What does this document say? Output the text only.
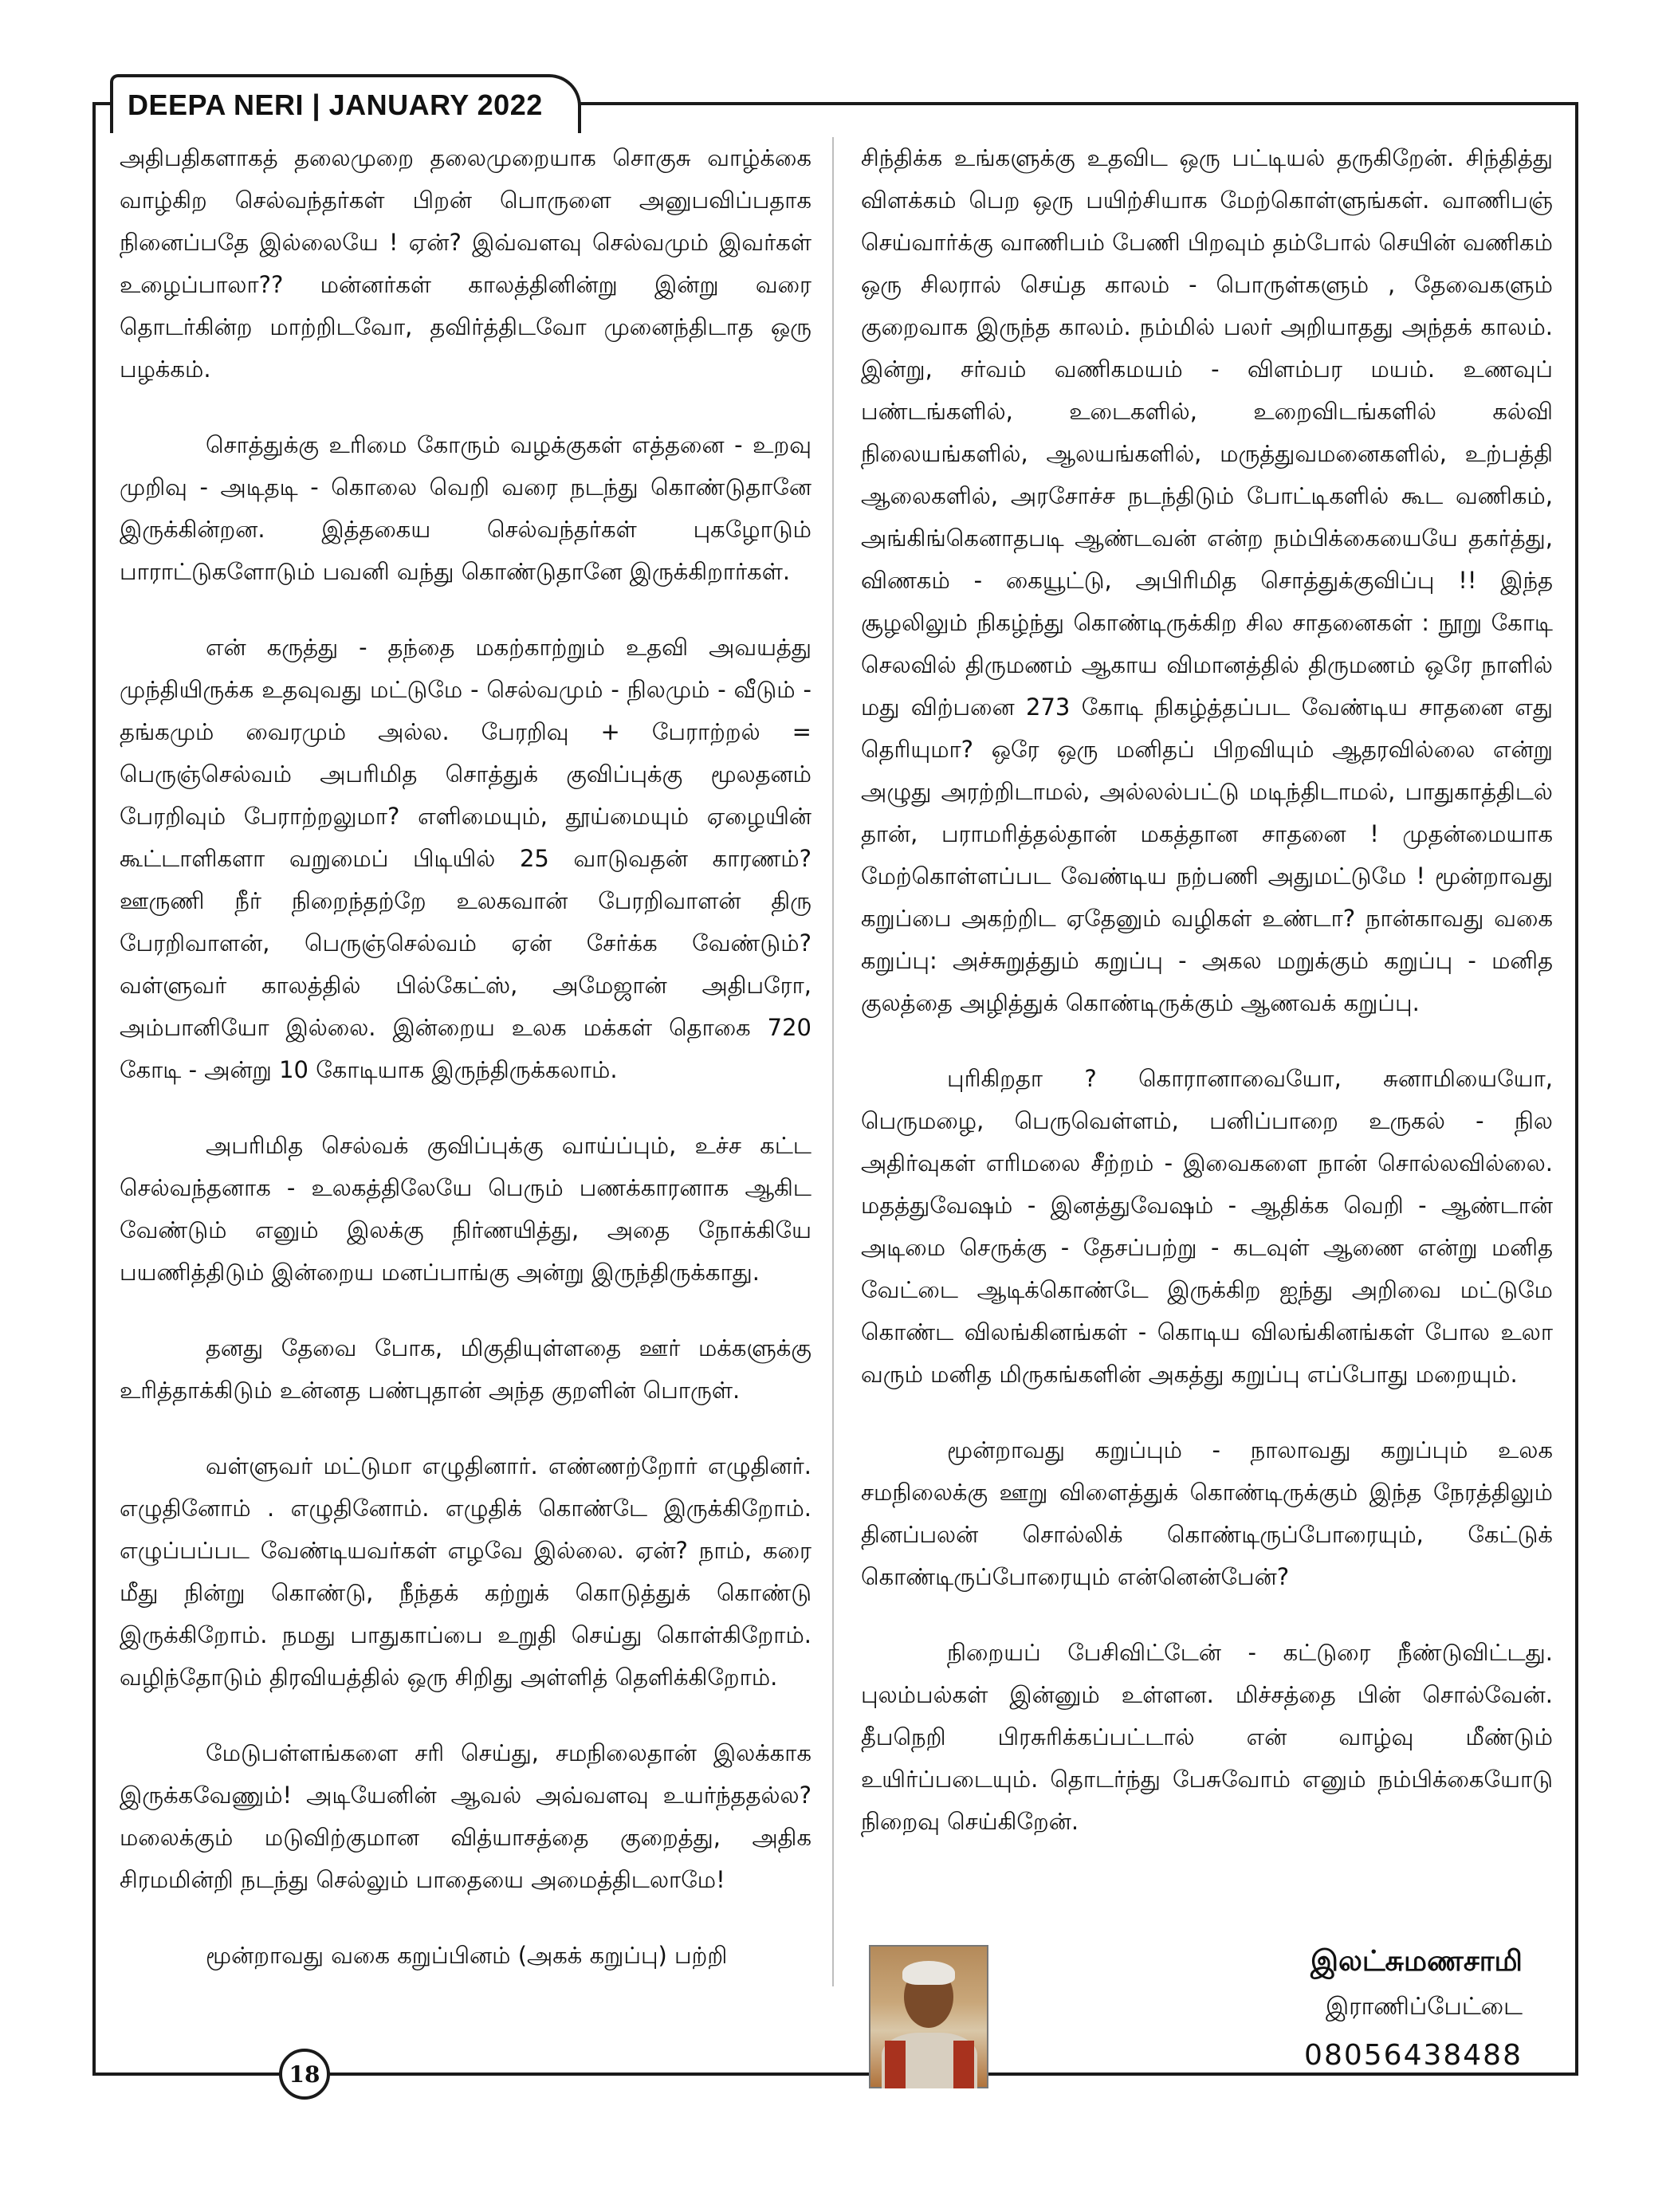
DEEPA NERI | JANUARY 2022

அதிபதிகளாகத் தலைமுறை தலைமுறையாக சொகுசு வாழ்க்கை வாழ்கிற செல்வந்தர்கள் பிறன் பொருளை அனுபவிப்பதாக நினைப்பதே இல்லையே ! ஏன்? இவ்வளவு செல்வமும் இவர்கள் உழைப்பாலா?? மன்னர்கள் காலத்தினின்று இன்று வரை தொடர்கின்ற மாற்றிடவோ, தவிர்த்திடவோ முனைந்திடாத ஒரு பழக்கம்.

சொத்துக்கு உரிமை கோரும் வழக்குகள் எத்தனை - உறவு முறிவு - அடிதடி - கொலை வெறி வரை நடந்து கொண்டுதானே இருக்கின்றன. இத்தகைய செல்வந்தர்கள் புகழோடும் பாராட்டுகளோடும் பவனி வந்து கொண்டுதானே இருக்கிறார்கள்.

என் கருத்து - தந்தை மகற்காற்றும் உதவி அவயத்து முந்தியிருக்க உதவுவது மட்டுமே - செல்வமும் - நிலமும் - வீடும் - தங்கமும் வைரமும் அல்ல. பேரறிவு + பேராற்றல் = பெருஞ்செல்வம் அபரிமித சொத்துக் குவிப்புக்கு மூலதனம் பேரறிவும் பேராற்றலுமா? எளிமையும், தூய்மையும் ஏழையின் கூட்டாளிகளா வறுமைப் பிடியில் 25 வாடுவதன் காரணம்? ஊருணி நீர் நிறைந்தற்றே உலகவான் பேரறிவாளன் திரு பேரறிவாளன், பெருஞ்செல்வம் ஏன் சேர்க்க வேண்டும்? வள்ளுவர் காலத்தில் பில்கேட்ஸ், அமேஜான் அதிபரோ, அம்பானியோ இல்லை. இன்றைய உலக மக்கள் தொகை 720 கோடி - அன்று 10 கோடியாக இருந்திருக்கலாம்.

அபரிமித செல்வக் குவிப்புக்கு வாய்ப்பும், உச்ச கட்ட செல்வந்தனாக - உலகத்திலேயே பெரும் பணக்காரனாக ஆகிட வேண்டும் எனும் இலக்கு நிர்ணயித்து, அதை நோக்கியே பயணித்திடும் இன்றைய மனப்பாங்கு அன்று இருந்திருக்காது.

தனது தேவை போக, மிகுதியுள்ளதை ஊர் மக்களுக்கு உரித்தாக்கிடும் உன்னத பண்புதான் அந்த குறளின் பொருள்.

வள்ளுவர் மட்டுமா எழுதினார். எண்ணற்றோர் எழுதினர். எழுதினோம் . எழுதினோம். எழுதிக் கொண்டே இருக்கிறோம். எழுப்பப்பட வேண்டியவர்கள் எழவே இல்லை. ஏன்? நாம், கரை மீது நின்று கொண்டு, நீந்தக் கற்றுக் கொடுத்துக் கொண்டு இருக்கிறோம். நமது பாதுகாப்பை உறுதி செய்து கொள்கிறோம். வழிந்தோடும் திரவியத்தில் ஒரு சிறிது அள்ளித் தெளிக்கிறோம்.

மேடுபள்ளங்களை சரி செய்து, சமநிலைதான் இலக்காக இருக்கவேணும்! அடியேனின் ஆவல் அவ்வளவு உயர்ந்ததல்ல? மலைக்கும் மடுவிற்குமான வித்யாசத்தை குறைத்து, அதிக சிரமமின்றி நடந்து செல்லும் பாதையை அமைத்திடலாமே!

மூன்றாவது வகை கறுப்பினம் (அகக் கறுப்பு) பற்றி

சிந்திக்க உங்களுக்கு உதவிட ஒரு பட்டியல் தருகிறேன். சிந்தித்து விளக்கம் பெற ஒரு பயிற்சியாக மேற்கொள்ளுங்கள். வாணிபஞ் செய்வார்க்கு வாணிபம் பேணி பிறவும் தம்போல் செயின் வணிகம் ஒரு சிலரால் செய்த காலம் - பொருள்களும் , தேவைகளும் குறைவாக இருந்த காலம். நம்மில் பலர் அறியாதது அந்தக் காலம். இன்று, சர்வம் வணிகமயம் - விளம்பர மயம். உணவுப் பண்டங்களில், உடைகளில், உறைவிடங்களில் கல்வி நிலையங்களில், ஆலயங்களில், மருத்துவமனைகளில், உற்பத்தி ஆலைகளில், அரசோச்ச நடந்திடும் போட்டிகளில் கூட வணிகம், அங்கிங்கெனாதபடி ஆண்டவன் என்ற நம்பிக்கையையே தகர்த்து, விணகம் - கையூட்டு, அபிரிமித சொத்துக்குவிப்பு !! இந்த சூழலிலும் நிகழ்ந்து கொண்டிருக்கிற சில சாதனைகள் : நூறு கோடி செலவில் திருமணம் ஆகாய விமானத்தில் திருமணம் ஒரே நாளில் மது விற்பனை 273 கோடி நிகழ்த்தப்பட வேண்டிய சாதனை எது தெரியுமா? ஒரே ஒரு மனிதப் பிறவியும் ஆதரவில்லை என்று அழுது அரற்றிடாமல், அல்லல்பட்டு மடிந்திடாமல், பாதுகாத்திடல் தான், பராமரித்தல்தான் மகத்தான சாதனை ! முதன்மையாக மேற்கொள்ளப்பட வேண்டிய நற்பணி அதுமட்டுமே ! மூன்றாவது கறுப்பை அகற்றிட ஏதேனும் வழிகள் உண்டா? நான்காவது வகை கறுப்பு: அச்சுறுத்தும் கறுப்பு - அகல மறுக்கும் கறுப்பு - மனித குலத்தை அழித்துக் கொண்டிருக்கும் ஆணவக் கறுப்பு.

புரிகிறதா ? கொரானாவையோ, சுனாமியையோ, பெருமழை, பெருவெள்ளம், பனிப்பாறை உருகல் - நில அதிர்வுகள் எரிமலை சீற்றம் - இவைகளை நான் சொல்லவில்லை. மதத்துவேஷம் - இனத்துவேஷம் - ஆதிக்க வெறி - ஆண்டான் அடிமை செருக்கு - தேசப்பற்று - கடவுள் ஆணை என்று மனித வேட்டை ஆடிக்கொண்டே இருக்கிற ஐந்து அறிவை மட்டுமே கொண்ட விலங்கினங்கள் - கொடிய விலங்கினங்கள் போல உலா வரும் மனித மிருகங்களின் அகத்து கறுப்பு எப்போது மறையும்.

மூன்றாவது கறுப்பும் - நாலாவது கறுப்பும் உலக சமநிலைக்கு ஊறு விளைத்துக் கொண்டிருக்கும் இந்த நேரத்திலும் தினப்பலன் சொல்லிக் கொண்டிருப்போரையும், கேட்டுக் கொண்டிருப்போரையும் என்னென்பேன்?

நிறையப் பேசிவிட்டேன் - கட்டுரை நீண்டுவிட்டது. புலம்பல்கள் இன்னும் உள்ளன. மிச்சத்தை பின் சொல்வேன். தீபநெறி பிரசுரிக்கப்பட்டால் என் வாழ்வு மீண்டும் உயிர்ப்படையும். தொடர்ந்து பேசுவோம் எனும் நம்பிக்கையோடு நிறைவு செய்கிறேன்.

இலட்சுமணசாமி
இராணிப்பேட்டை
08056438488
18
